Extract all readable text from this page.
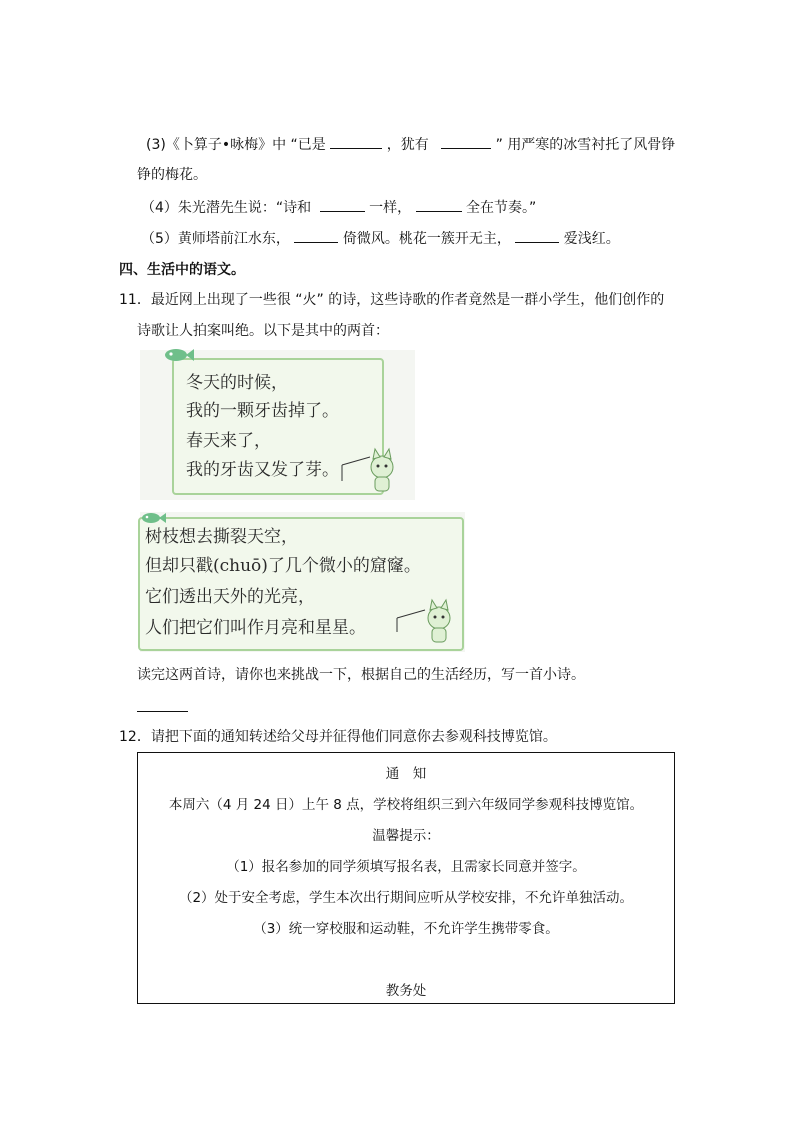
(3)《卜算子•咏梅》中 “已是	，犹有	” 用严寒的冰雪衬托了风骨铮
铮的梅花。
（4）朱光潜先生说：“诗和	一样，	全在节奏。”
（5）黄师塔前江水东，	倚微风。桃花一簇开无主，	爱浅红。
四、生活中的语文。
11．最近网上出现了一些很 “火” 的诗，这些诗歌的作者竟然是一群小学生，他们创作的
诗歌让人拍案叫绝。以下是其中的两首：
冬天的时候，
我的一颗牙齿掉了。
春天来了，
我的牙齿又发了芽。
树枝想去撕裂天空，
但却只戳(chuō)了几个微小的窟窿。
它们透出天外的光亮，
人们把它们叫作月亮和星星。
读完这两首诗，请你也来挑战一下，根据自己的生活经历，写一首小诗。
12．请把下面的通知转述给父母并征得他们同意你去参观科技博览馆。
通　知
本周六（4 月 24 日）上午 8 点，学校将组织三到六年级同学参观科技博览馆。
温馨提示：
（1）报名参加的同学须填写报名表，且需家长同意并签字。
（2）处于安全考虑，学生本次出行期间应听从学校安排，不允许单独活动。
（3）统一穿校服和运动鞋，不允许学生携带零食。
教务处
